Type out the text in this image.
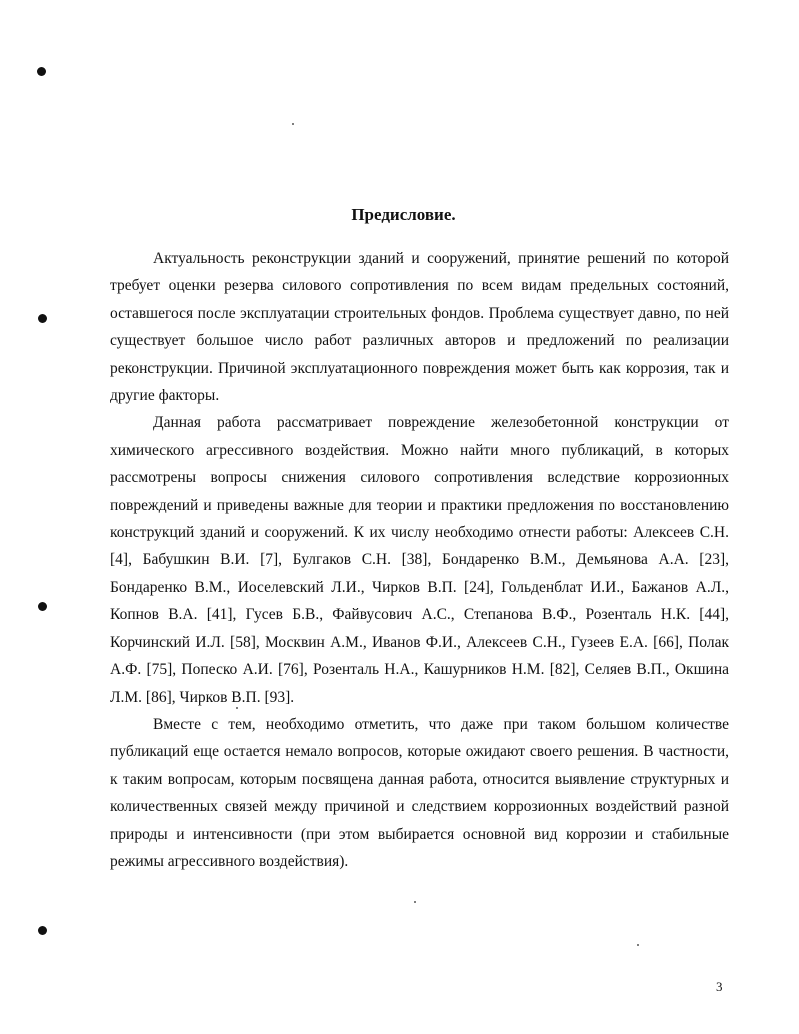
Предисловие.

Актуальность реконструкции зданий и сооружений, принятие решений по которой требует оценки резерва силового сопротивления по всем видам предельных состояний, оставшегося после эксплуатации строительных фондов. Проблема существует давно, по ней существует большое число работ различных авторов и предложений по реализации реконструкции. Причиной эксплуатационного повреждения может быть как коррозия, так и другие факторы.

Данная работа рассматривает повреждение железобетонной конструкции от химического агрессивного воздействия. Можно найти много публикаций, в которых рассмотрены вопросы снижения силового сопротивления вследствие коррозионных повреждений и приведены важные для теории и практики предложения по восстановлению конструкций зданий и сооружений. К их числу необходимо отнести работы: Алексеев С.Н. [4], Бабушкин В.И. [7], Булгаков С.Н. [38], Бондаренко В.М., Демьянова А.А. [23], Бондаренко В.М., Иоселевский Л.И., Чирков В.П. [24], Гольденблат И.И., Бажанов А.Л., Копнов В.А. [41], Гусев Б.В., Файвусович А.С., Степанова В.Ф., Розенталь Н.К. [44], Корчинский И.Л. [58], Москвин А.М., Иванов Ф.И., Алексеев С.Н., Гузеев Е.А. [66], Полак А.Ф. [75], Попеско А.И. [76], Розенталь Н.А., Кашурников Н.М. [82], Селяев В.П., Окшина Л.М. [86], Чирков В.П. [93].

Вместе с тем, необходимо отметить, что даже при таком большом количестве публикаций еще остается немало вопросов, которые ожидают своего решения. В частности, к таким вопросам, которым посвящена данная работа, относится выявление структурных и количественных связей между причиной и следствием коррозионных воздействий разной природы и интенсивности (при этом выбирается основной вид коррозии и стабильные режимы агрессивного воздействия).

3
